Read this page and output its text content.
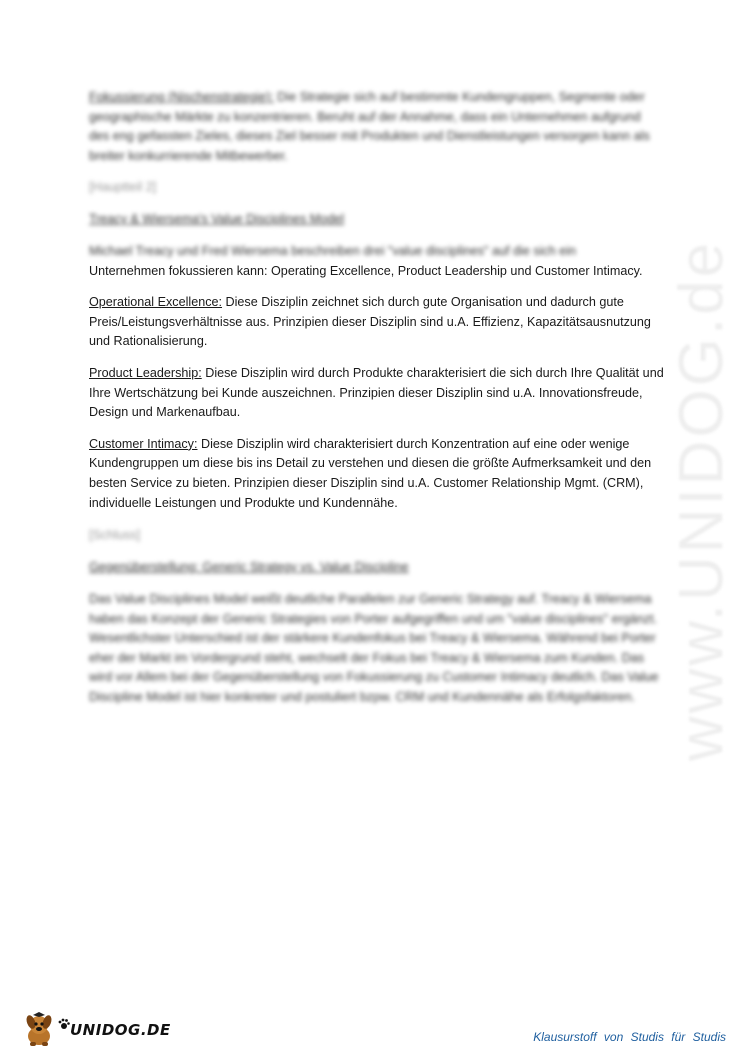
www.UNIDOG.de

Fokussierung (Nischenstrategie): Die Strategie sich auf bestimmte Kundengruppen, Segmente oder geographische Märkte zu konzentrieren. Beruht auf der Annahme, dass ein Unternehmen aufgrund des eng gefassten Zieles, dieses Ziel besser mit Produkten und Dienstleistungen versorgen kann als breiter konkurrierende Mitbewerber.

[Hauptteil 2]
Treacy & Wiersema's Value Disciplines Model

Michael Treacy und Fred Wiersema beschreiben drei "value disciplines" auf die sich ein
Unternehmen fokussieren kann: Operating Excellence, Product Leadership und Customer Intimacy.

Operational Excellence: Diese Disziplin zeichnet sich durch gute Organisation und dadurch gute Preis/Leistungsverhältnisse aus. Prinzipien dieser Disziplin sind u.A. Effizienz, Kapazitätsausnutzung und Rationalisierung.

Product Leadership: Diese Disziplin wird durch Produkte charakterisiert die sich durch Ihre Qualität und Ihre Wertschätzung bei Kunde auszeichnen. Prinzipien dieser Disziplin sind u.A. Innovationsfreude, Design und Markenaufbau.

Customer Intimacy: Diese Disziplin wird charakterisiert durch Konzentration auf eine oder wenige Kundengruppen um diese bis ins Detail zu verstehen und diesen die größte Aufmerksamkeit und den besten Service zu bieten. Prinzipien dieser Disziplin sind u.A. Customer Relationship Mgmt. (CRM), individuelle Leistungen und Produkte und Kundennähe.

[Schluss]
Gegenüberstellung: Generic Strategy vs. Value Discipline

Das Value Disciplines Model weißt deutliche Parallelen zur Generic Strategy auf. Treacy & Wiersema haben das Konzept der Generic Strategies von Porter aufgegriffen und um "value disciplines" ergänzt. Wesentlichster Unterschied ist der stärkere Kundenfokus bei Treacy & Wiersema. Während bei Porter eher der Markt im Vordergrund steht, wechselt der Fokus bei Treacy & Wiersema zum Kunden. Das wird vor Allem bei der Gegenüberstellung von Fokussierung zu Customer Intimacy deutlich. Das Value Discipline Model ist hier konkreter und postuliert bzpw. CRM und Kundennähe als Erfolgsfaktoren.

UNIDOG.DE	Klausurstoff von Studis für Studis
